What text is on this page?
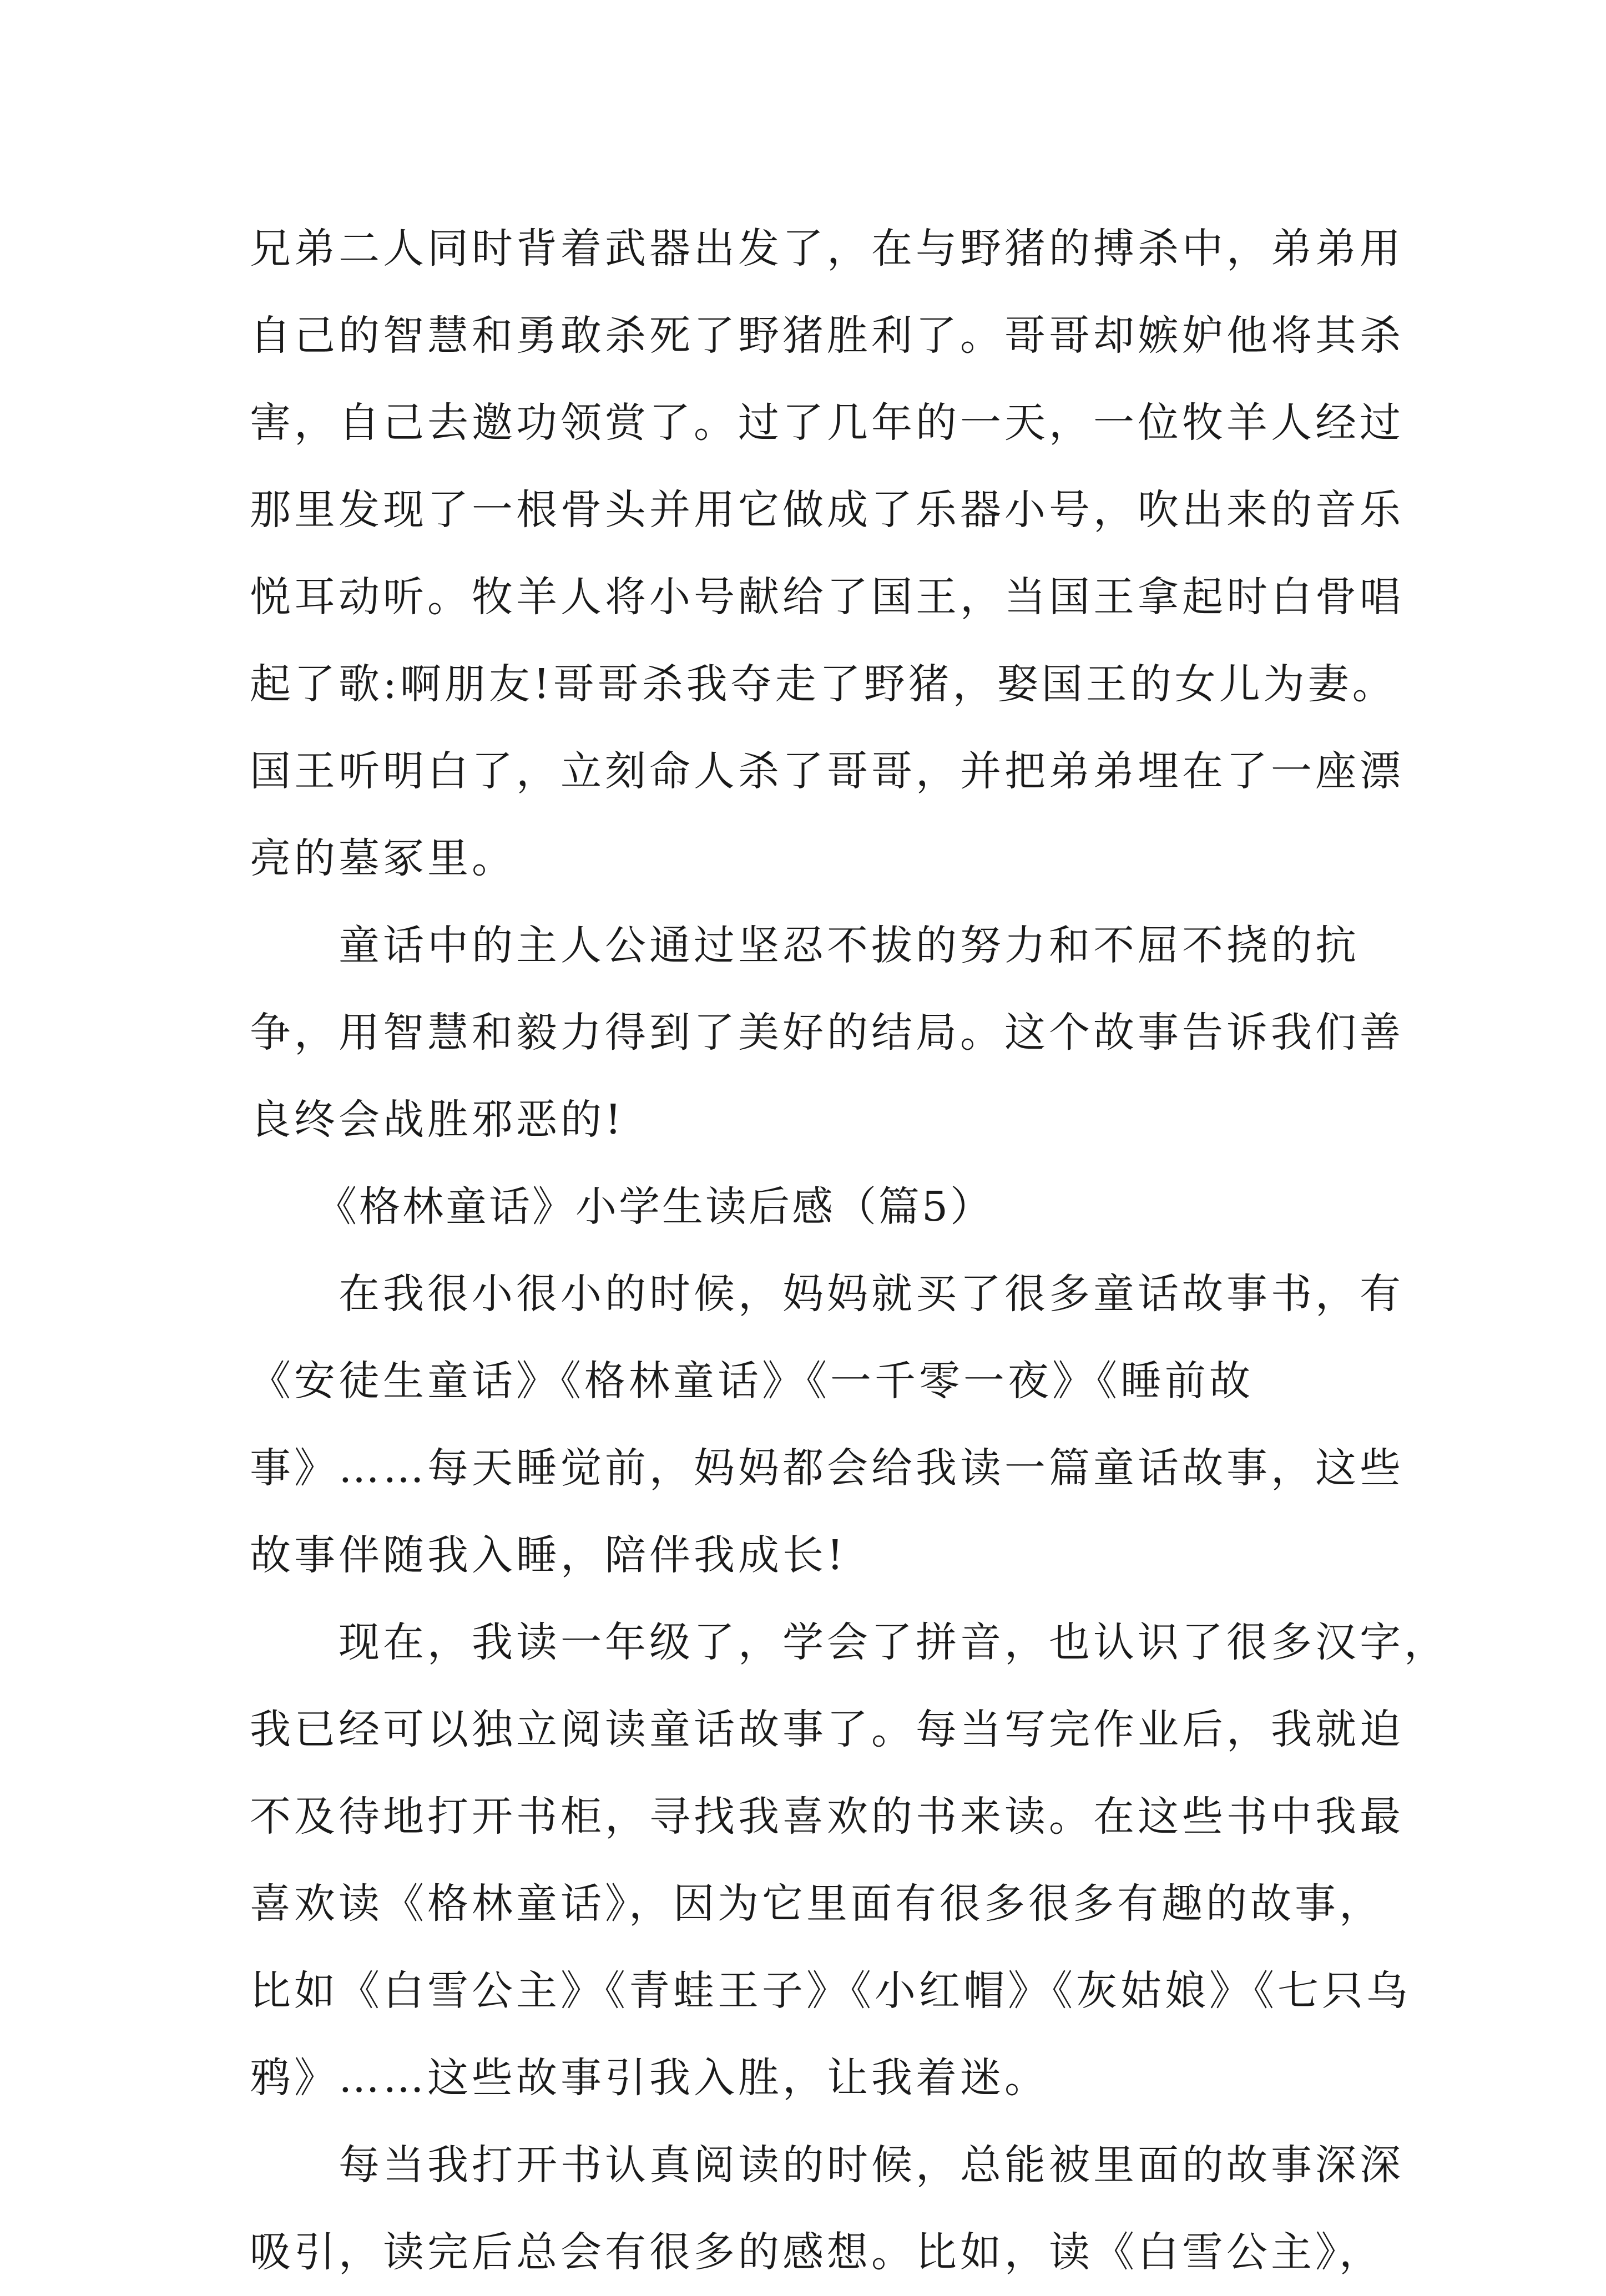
兄弟二人同时背着武器出发了，在与野猪的搏杀中，弟弟用
自己的智慧和勇敢杀死了野猪胜利了。哥哥却嫉妒他将其杀
害，自己去邀功领赏了。过了几年的一天，一位牧羊人经过
那里发现了一根骨头并用它做成了乐器小号，吹出来的音乐
悦耳动听。牧羊人将小号献给了国王，当国王拿起时白骨唱
起了歌:啊朋友!哥哥杀我夺走了野猪，娶国王的女儿为妻。
国王听明白了，立刻命人杀了哥哥，并把弟弟埋在了一座漂
亮的墓冢里。
　　童话中的主人公通过坚忍不拔的努力和不屈不挠的抗
争，用智慧和毅力得到了美好的结局。这个故事告诉我们善
良终会战胜邪恶的!
　　《格林童话》小学生读后感（篇5）
　　在我很小很小的时候，妈妈就买了很多童话故事书，有
《安徒生童话》《格林童话》《一千零一夜》《睡前故
事》……每天睡觉前，妈妈都会给我读一篇童话故事，这些
故事伴随我入睡，陪伴我成长!
　　现在，我读一年级了，学会了拼音，也认识了很多汉字，
我已经可以独立阅读童话故事了。每当写完作业后，我就迫
不及待地打开书柜，寻找我喜欢的书来读。在这些书中我最
喜欢读《格林童话》，因为它里面有很多很多有趣的故事，
比如《白雪公主》《青蛙王子》《小红帽》《灰姑娘》《七只乌
鸦》……这些故事引我入胜，让我着迷。
　　每当我打开书认真阅读的时候，总能被里面的故事深深
吸引，读完后总会有很多的感想。比如，读《白雪公主》，
